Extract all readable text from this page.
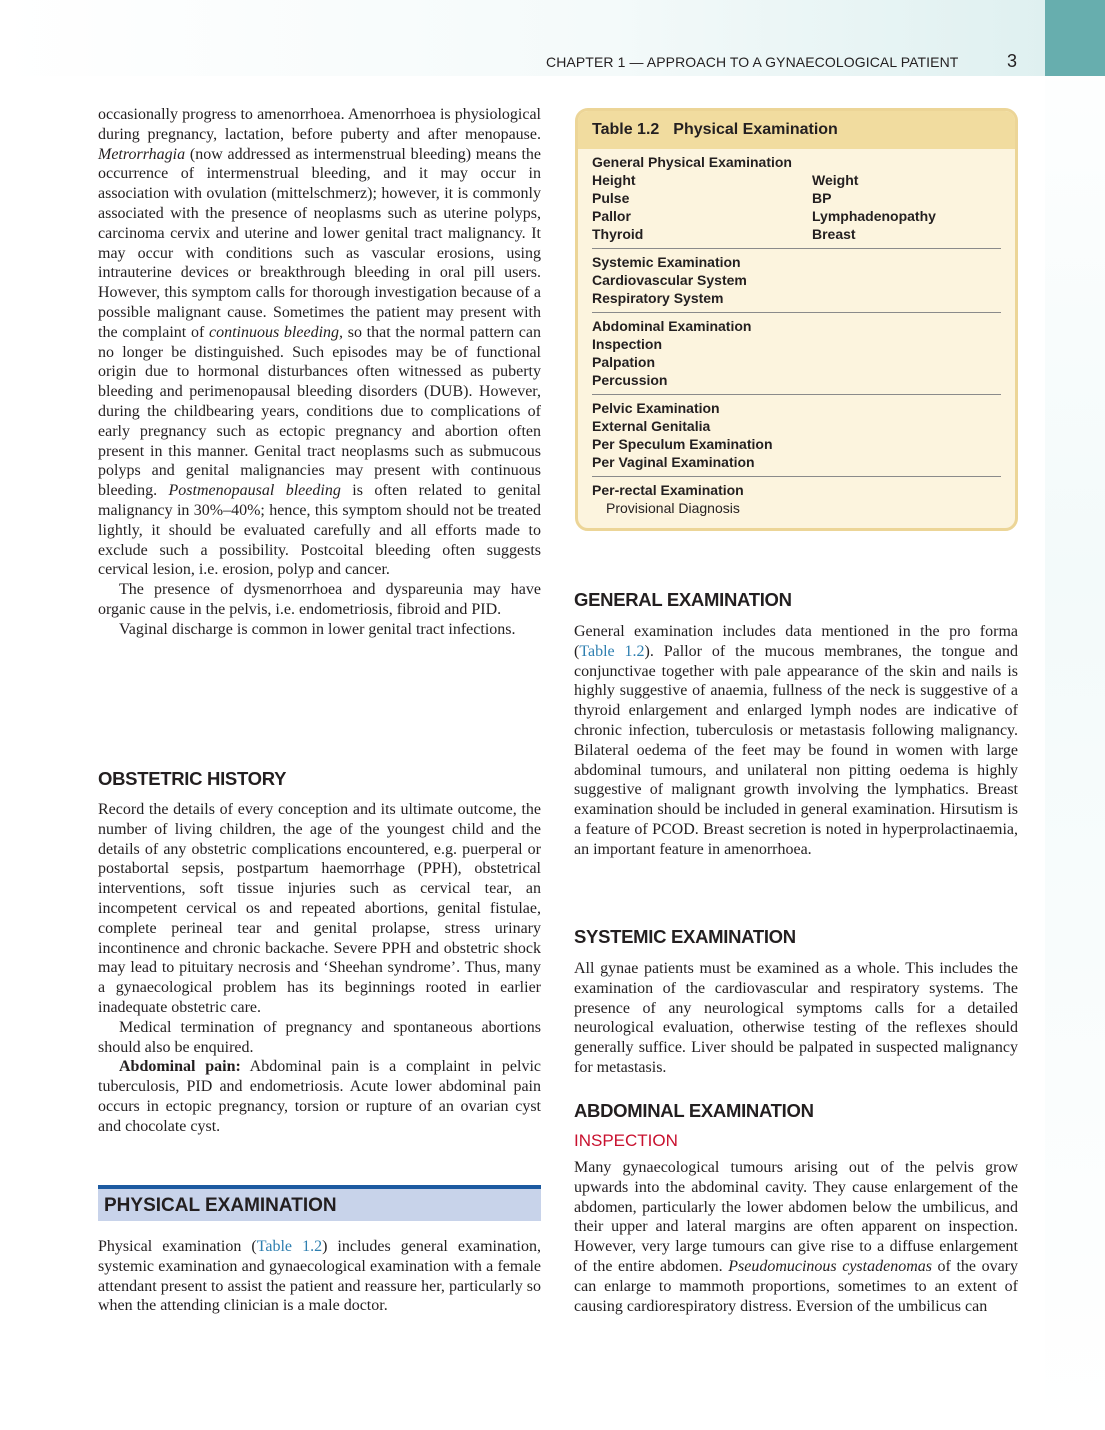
CHAPTER 1 — APPROACH TO A GYNAECOLOGICAL PATIENT	3

occasionally progress to amenorrhoea. Amenorrhoea is physiological during pregnancy, lactation, before puberty and after menopause. Metrorrhagia (now addressed as intermenstrual bleeding) means the occurrence of intermenstrual bleeding, and it may occur in association with ovulation (mittelschmerz); however, it is commonly associated with the presence of neoplasms such as uterine polyps, carcinoma cervix and uterine and lower genital tract malignancy. It may occur with conditions such as vascular erosions, using intrauterine devices or breakthrough bleeding in oral pill users. However, this symptom calls for thorough investigation because of a possible malignant cause. Sometimes the patient may present with the complaint of continuous bleeding, so that the normal pattern can no longer be distinguished. Such episodes may be of functional origin due to hormonal disturbances often witnessed as puberty bleeding and perimenopausal bleeding disorders (DUB). However, during the childbearing years, conditions due to complications of early pregnancy such as ectopic pregnancy and abortion often present in this manner. Genital tract neoplasms such as submucous polyps and genital malignancies may present with continuous bleeding. Postmenopausal bleeding is often related to genital malignancy in 30%–40%; hence, this symptom should not be treated lightly, it should be evaluated carefully and all efforts made to exclude such a possibility. Postcoital bleeding often suggests cervical lesion, i.e. erosion, polyp and cancer.

The presence of dysmenorrhoea and dyspareunia may have organic cause in the pelvis, i.e. endometriosis, fibroid and PID.

Vaginal discharge is common in lower genital tract infections.

OBSTETRIC HISTORY

Record the details of every conception and its ultimate outcome, the number of living children, the age of the youngest child and the details of any obstetric complications encountered, e.g. puerperal or postabortal sepsis, postpartum haemorrhage (PPH), obstetrical interventions, soft tissue injuries such as cervical tear, an incompetent cervical os and repeated abortions, genital fistulae, complete perineal tear and genital prolapse, stress urinary incontinence and chronic backache. Severe PPH and obstetric shock may lead to pituitary necrosis and ‘Sheehan syndrome’. Thus, many a gynaecological problem has its beginnings rooted in earlier inadequate obstetric care.

Medical termination of pregnancy and spontaneous abortions should also be enquired.

Abdominal pain: Abdominal pain is a complaint in pelvic tuberculosis, PID and endometriosis. Acute lower abdominal pain occurs in ectopic pregnancy, torsion or rupture of an ovarian cyst and chocolate cyst.

PHYSICAL EXAMINATION

Physical examination (Table 1.2) includes general examination, systemic examination and gynaecological examination with a female attendant present to assist the patient and reassure her, particularly so when the attending clinician is a male doctor.

Table 1.2 Physical Examination
General Physical Examination
Height	Weight
Pulse	BP
Pallor	Lymphadenopathy
Thyroid	Breast
Systemic Examination
Cardiovascular System
Respiratory System
Abdominal Examination
Inspection
Palpation
Percussion
Pelvic Examination
External Genitalia
Per Speculum Examination
Per Vaginal Examination
Per-rectal Examination
Provisional Diagnosis
GENERAL EXAMINATION

General examination includes data mentioned in the pro forma (Table 1.2). Pallor of the mucous membranes, the tongue and conjunctivae together with pale appearance of the skin and nails is highly suggestive of anaemia, fullness of the neck is suggestive of a thyroid enlargement and enlarged lymph nodes are indicative of chronic infection, tuberculosis or metastasis following malignancy. Bilateral oedema of the feet may be found in women with large abdominal tumours, and unilateral non pitting oedema is highly suggestive of malignant growth involving the lymphatics. Breast examination should be included in general examination. Hirsutism is a feature of PCOD. Breast secretion is noted in hyperprolactinaemia, an important feature in amenorrhoea.

SYSTEMIC EXAMINATION

All gynae patients must be examined as a whole. This includes the examination of the cardiovascular and respiratory systems. The presence of any neurological symptoms calls for a detailed neurological evaluation, otherwise testing of the reflexes should generally suffice. Liver should be palpated in suspected malignancy for metastasis.

ABDOMINAL EXAMINATION
INSPECTION

Many gynaecological tumours arising out of the pelvis grow upwards into the abdominal cavity. They cause enlargement of the abdomen, particularly the lower abdomen below the umbilicus, and their upper and lateral margins are often apparent on inspection. However, very large tumours can give rise to a diffuse enlargement of the entire abdomen. Pseudomucinous cystadenomas of the ovary can enlarge to mammoth proportions, sometimes to an extent of causing cardiorespiratory distress. Eversion of the umbilicus can
